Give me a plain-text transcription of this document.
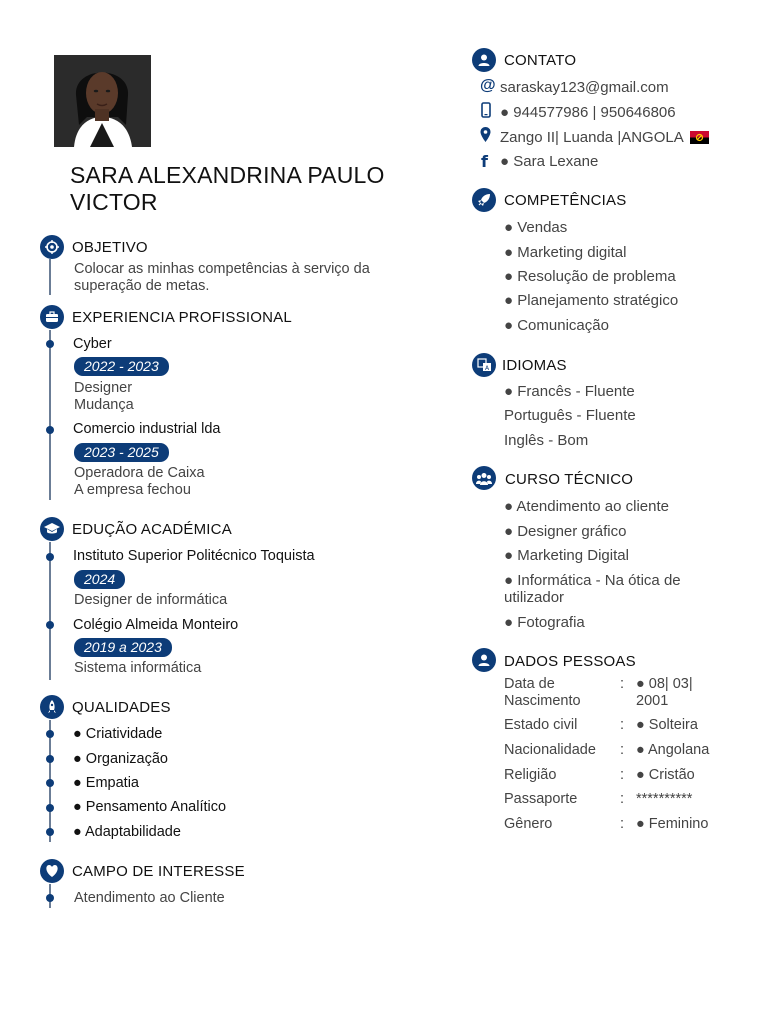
SARA ALEXANDRINA PAULO
VICTOR
OBJETIVO
Colocar as minhas competências à serviço da
superação de metas.
EXPERIENCIA PROFISSIONAL
Cyber
2022 - 2023
Designer
Mudança
Comercio industrial lda
2023 - 2025
Operadora de Caixa
A empresa fechou
EDUÇÃO ACADÉMICA
Instituto Superior Politécnico Toquista
2024
Designer de informática
Colégio Almeida Monteiro
2019 a 2023
Sistema informática
QUALIDADES
● Criatividade
● Organização
● Empatia
● Pensamento Analítico
● Adaptabilidade
CAMPO DE INTERESSE
Atendimento ao Cliente
CONTATO
@ saraskay123@gmail.com
● 944577986 | 950646806
Zango II| Luanda |ANGOLA
f ● Sara Lexane
COMPETÊNCIAS
● Vendas
● Marketing digital
● Resolução de problema
● Planejamento stratégico
● Comunicação
A IDIOMAS
● Francês - Fluente
Português - Fluente
Inglês - Bom
CURSO TÉCNICO
● Atendimento ao cliente
● Designer gráfico
● Marketing Digital
● Informática - Na ótica de
utilizador
● Fotografia
DADOS PESSOAS
Data de
Nascimento
: ● 08| 03|
2001
Estado civil	: ● Solteira
Nacionalidade : ● Angolana
Religião	: ● Cristão
Passaporte	: **********
Gênero	: ● Feminino
